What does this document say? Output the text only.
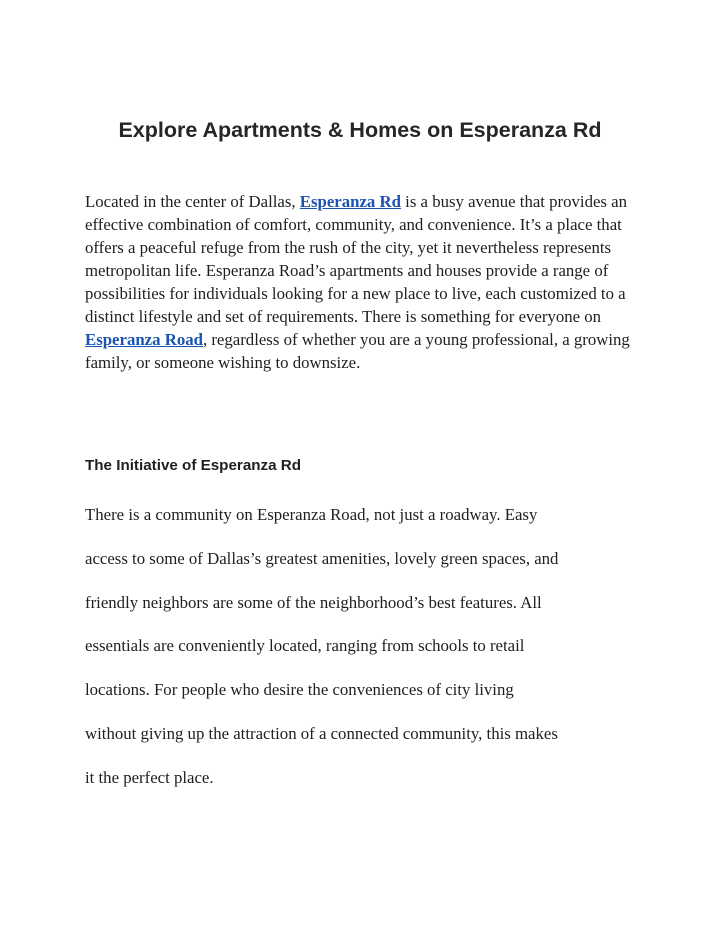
Explore Apartments & Homes on Esperanza Rd

Located in the center of Dallas, Esperanza Rd is a busy avenue that provides an effective combination of comfort, community, and convenience. It’s a place that offers a peaceful refuge from the rush of the city, yet it nevertheless represents metropolitan life. Esperanza Road’s apartments and houses provide a range of possibilities for individuals looking for a new place to live, each customized to a distinct lifestyle and set of requirements. There is something for everyone on Esperanza Road, regardless of whether you are a young professional, a growing family, or someone wishing to downsize.

The Initiative of Esperanza Rd

There is a community on Esperanza Road, not just a roadway. Easy
access to some of Dallas’s greatest amenities, lovely green spaces, and
friendly neighbors are some of the neighborhood’s best features. All
essentials are conveniently located, ranging from schools to retail
locations. For people who desire the conveniences of city living
without giving up the attraction of a connected community, this makes
it the perfect place.
